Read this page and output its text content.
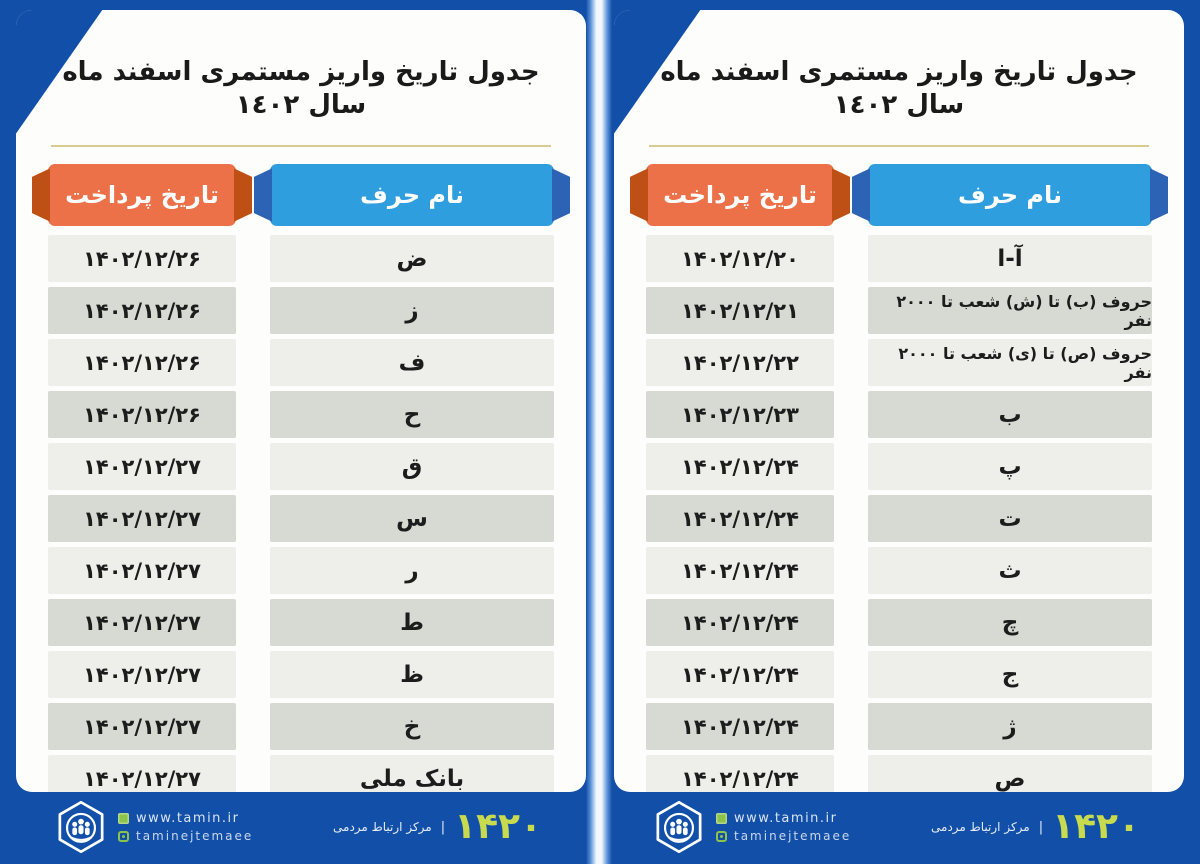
جدول تاریخ واریز مستمری اسفند ماه سال ١٤٠٢
تاریخ پرداخت	نام حرف
۱۴۰۲/۱۲/۲۶	ض
۱۴۰۲/۱۲/۲۶	ز
۱۴۰۲/۱۲/۲۶	ف
۱۴۰۲/۱۲/۲۶	ح
۱۴۰۲/۱۲/۲۷	ق
۱۴۰۲/۱۲/۲۷	س
۱۴۰۲/۱۲/۲۷	ر
۱۴۰۲/۱۲/۲۷	ط
۱۴۰۲/۱۲/۲۷	ظ
۱۴۰۲/۱۲/۲۷	خ
۱۴۰۲/۱۲/۲۷	بانک ملی
جدول تاریخ واریز مستمری اسفند ماه سال ١٤٠٢
تاریخ پرداخت	نام حرف
۱۴۰۲/۱۲/۲۰	آ-ا
۱۴۰۲/۱۲/۲۱	حروف (ب) تا (ش) شعب تا ۲۰۰۰ نفر
۱۴۰۲/۱۲/۲۲	حروف (ص) تا (ی) شعب تا ۲۰۰۰ نفر
۱۴۰۲/۱۲/۲۳	ب
۱۴۰۲/۱۲/۲۴	پ
۱۴۰۲/۱۲/۲۴	ت
۱۴۰۲/۱۲/۲۴	ث
۱۴۰۲/۱۲/۲۴	چ
۱۴۰۲/۱۲/۲۴	ج
۱۴۰۲/۱۲/۲۴	ژ
۱۴۰۲/۱۲/۲۴	ص
www.tamin.ir
taminejtemaee
مرکز ارتباط مردمی | ۱۴۲۰	www.tamin.ir
taminejtemaee
مرکز ارتباط مردمی | ۱۴۲۰
